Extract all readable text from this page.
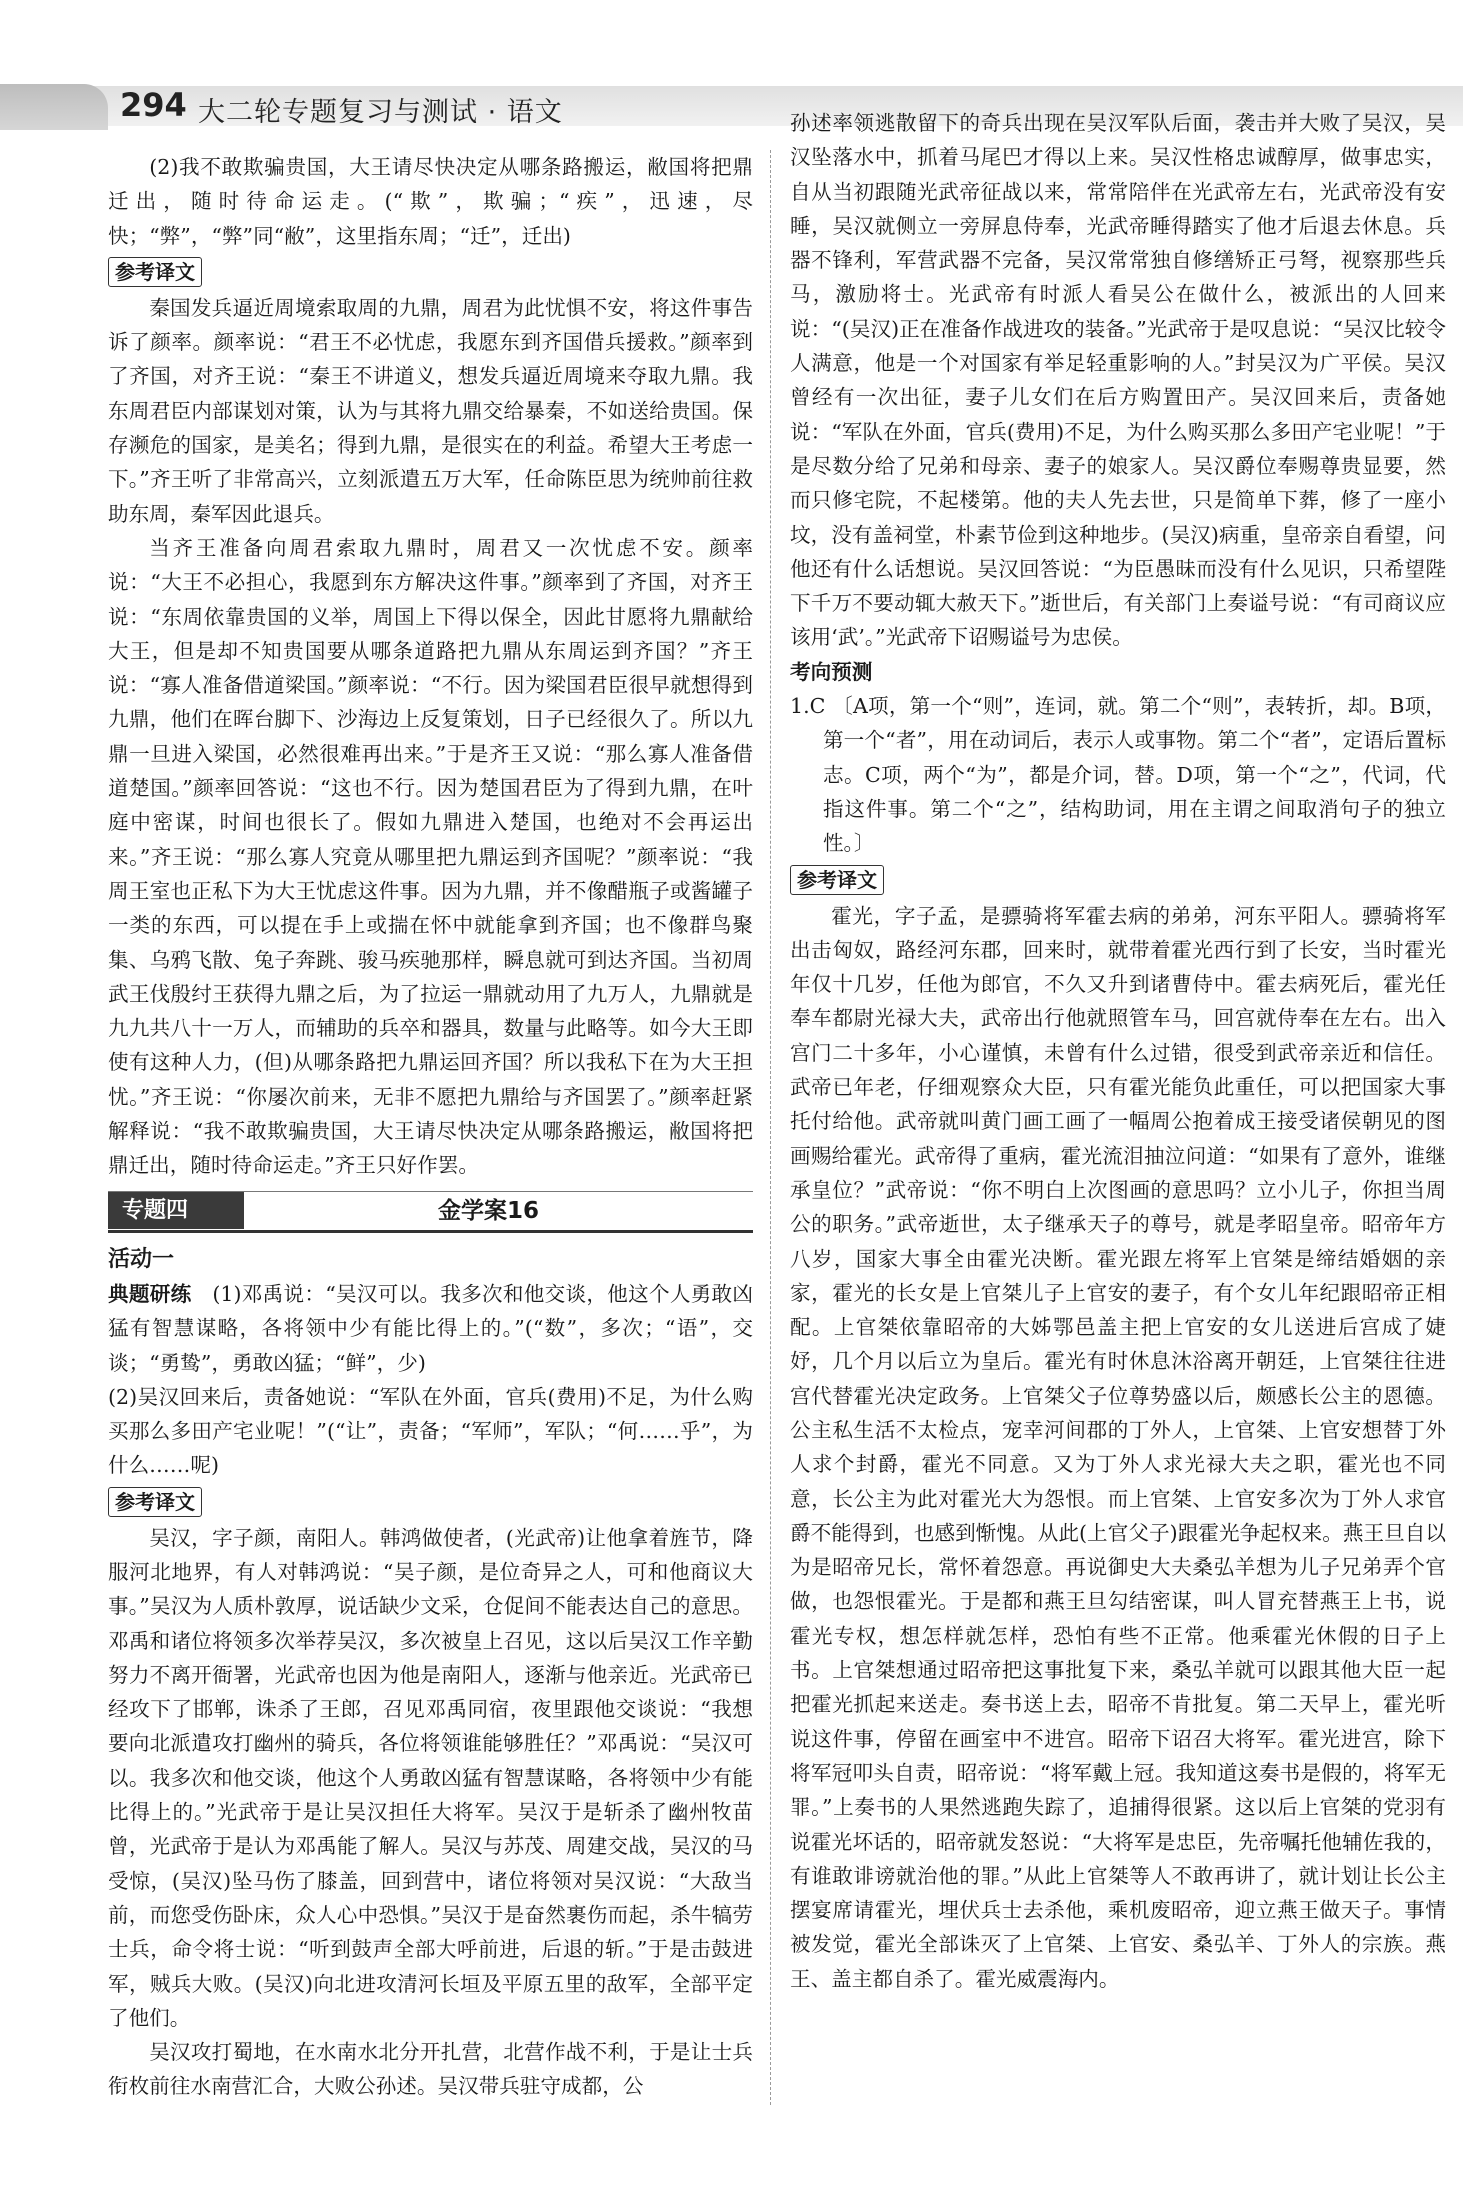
294 大二轮专题复习与测试 · 语文

(2)我不敢欺骗贵国，大王请尽快决定从哪条路搬运，敝国将把鼎迁出，随时待命运走。(“欺”，欺骗；“疾”，迅速，尽快；“弊”，“弊”同“敝”，这里指东周；“迁”，迁出)

参考译文

秦国发兵逼近周境索取周的九鼎，周君为此忧惧不安，将这件事告诉了颜率。颜率说：“君王不必忧虑，我愿东到齐国借兵援救。”颜率到了齐国，对齐王说：“秦王不讲道义，想发兵逼近周境来夺取九鼎。我东周君臣内部谋划对策，认为与其将九鼎交给暴秦，不如送给贵国。保存濒危的国家，是美名；得到九鼎，是很实在的利益。希望大王考虑一下。”齐王听了非常高兴，立刻派遣五万大军，任命陈臣思为统帅前往救助东周，秦军因此退兵。

当齐王准备向周君索取九鼎时，周君又一次忧虑不安。颜率说：“大王不必担心，我愿到东方解决这件事。”颜率到了齐国，对齐王说：“东周依靠贵国的义举，周国上下得以保全，因此甘愿将九鼎献给大王，但是却不知贵国要从哪条道路把九鼎从东周运到齐国？”齐王说：“寡人准备借道梁国。”颜率说：“不行。因为梁国君臣很早就想得到九鼎，他们在晖台脚下、沙海边上反复策划，日子已经很久了。所以九鼎一旦进入梁国，必然很难再出来。”于是齐王又说：“那么寡人准备借道楚国。”颜率回答说：“这也不行。因为楚国君臣为了得到九鼎，在叶庭中密谋，时间也很长了。假如九鼎进入楚国，也绝对不会再运出来。”齐王说：“那么寡人究竟从哪里把九鼎运到齐国呢？”颜率说：“我周王室也正私下为大王忧虑这件事。因为九鼎，并不像醋瓶子或酱罐子一类的东西，可以提在手上或揣在怀中就能拿到齐国；也不像群鸟聚集、乌鸦飞散、兔子奔跳、骏马疾驰那样，瞬息就可到达齐国。当初周武王伐殷纣王获得九鼎之后，为了拉运一鼎就动用了九万人，九鼎就是九九共八十一万人，而辅助的兵卒和器具，数量与此略等。如今大王即使有这种人力，(但)从哪条路把九鼎运回齐国？所以我私下在为大王担忧。”齐王说：“你屡次前来，无非不愿把九鼎给与齐国罢了。”颜率赶紧解释说：“我不敢欺骗贵国，大王请尽快决定从哪条路搬运，敝国将把鼎迁出，随时待命运走。”齐王只好作罢。

专题四	金学案16

活动一

典题研练　 (1)邓禹说：“吴汉可以。我多次和他交谈，他这个人勇敢凶猛有智慧谋略，各将领中少有能比得上的。”(“数”，多次；“语”，交谈；“勇鸷”，勇敢凶猛；“鲜”，少)

(2)吴汉回来后，责备她说：“军队在外面，官兵(费用)不足，为什么购买那么多田产宅业呢！”(“让”，责备；“军师”，军队；“何……乎”，为什么……呢)

参考译文

吴汉，字子颜，南阳人。韩鸿做使者，(光武帝)让他拿着旌节，降服河北地界，有人对韩鸿说：“吴子颜，是位奇异之人，可和他商议大事。”吴汉为人质朴敦厚，说话缺少文采，仓促间不能表达自己的意思。邓禹和诸位将领多次举荐吴汉，多次被皇上召见，这以后吴汉工作辛勤努力不离开衙署，光武帝也因为他是南阳人，逐渐与他亲近。光武帝已经攻下了邯郸，诛杀了王郎，召见邓禹同宿，夜里跟他交谈说：“我想要向北派遣攻打幽州的骑兵，各位将领谁能够胜任？”邓禹说：“吴汉可以。我多次和他交谈，他这个人勇敢凶猛有智慧谋略，各将领中少有能比得上的。”光武帝于是让吴汉担任大将军。吴汉于是斩杀了幽州牧苗曾，光武帝于是认为邓禹能了解人。吴汉与苏茂、周建交战，吴汉的马受惊，(吴汉)坠马伤了膝盖，回到营中，诸位将领对吴汉说：“大敌当前，而您受伤卧床，众人心中恐惧。”吴汉于是奋然裹伤而起，杀牛犒劳士兵，命令将士说：“听到鼓声全部大呼前进，后退的斩。”于是击鼓进军，贼兵大败。(吴汉)向北进攻清河长垣及平原五里的敌军，全部平定了他们。

吴汉攻打蜀地，在水南水北分开扎营，北营作战不利，于是让士兵衔枚前往水南营汇合，大败公孙述。吴汉带兵驻守成都，公

孙述率领逃散留下的奇兵出现在吴汉军队后面，袭击并大败了吴汉，吴汉坠落水中，抓着马尾巴才得以上来。吴汉性格忠诚醇厚，做事忠实，自从当初跟随光武帝征战以来，常常陪伴在光武帝左右，光武帝没有安睡，吴汉就侧立一旁屏息侍奉，光武帝睡得踏实了他才后退去休息。兵器不锋利，军营武器不完备，吴汉常常独自修缮矫正弓弩，视察那些兵马，激励将士。光武帝有时派人看吴公在做什么，被派出的人回来说：“(吴汉)正在准备作战进攻的装备。”光武帝于是叹息说：“吴汉比较令人满意，他是一个对国家有举足轻重影响的人。”封吴汉为广平侯。吴汉曾经有一次出征，妻子儿女们在后方购置田产。吴汉回来后，责备她说：“军队在外面，官兵(费用)不足，为什么购买那么多田产宅业呢！”于是尽数分给了兄弟和母亲、妻子的娘家人。吴汉爵位奉赐尊贵显要，然而只修宅院，不起楼第。他的夫人先去世，只是简单下葬，修了一座小坟，没有盖祠堂，朴素节俭到这种地步。(吴汉)病重，皇帝亲自看望，问他还有什么话想说。吴汉回答说：“为臣愚昧而没有什么见识，只希望陛下千万不要动辄大赦天下。”逝世后，有关部门上奏谥号说：“有司商议应该用‘武’。”光武帝下诏赐谥号为忠侯。

考向预测

1.C 〔A项，第一个“则”，连词，就。第二个“则”，表转折，却。B项，第一个“者”，用在动词后，表示人或事物。第二个“者”，定语后置标志。C项，两个“为”，都是介词，替。D项，第一个“之”，代词，代指这件事。第二个“之”，结构助词，用在主谓之间取消句子的独立性。〕

参考译文

霍光，字子孟，是骠骑将军霍去病的弟弟，河东平阳人。骠骑将军出击匈奴，路经河东郡，回来时，就带着霍光西行到了长安，当时霍光年仅十几岁，任他为郎官，不久又升到诸曹侍中。霍去病死后，霍光任奉车都尉光禄大夫，武帝出行他就照管车马，回宫就侍奉在左右。出入宫门二十多年，小心谨慎，未曾有什么过错，很受到武帝亲近和信任。武帝已年老，仔细观察众大臣，只有霍光能负此重任，可以把国家大事托付给他。武帝就叫黄门画工画了一幅周公抱着成王接受诸侯朝见的图画赐给霍光。武帝得了重病，霍光流泪抽泣问道：“如果有了意外，谁继承皇位？”武帝说：“你不明白上次图画的意思吗？立小儿子，你担当周公的职务。”武帝逝世，太子继承天子的尊号，就是孝昭皇帝。昭帝年方八岁，国家大事全由霍光决断。霍光跟左将军上官桀是缔结婚姻的亲家，霍光的长女是上官桀儿子上官安的妻子，有个女儿年纪跟昭帝正相配。上官桀依靠昭帝的大姊鄂邑盖主把上官安的女儿送进后宫成了婕妤，几个月以后立为皇后。霍光有时休息沐浴离开朝廷，上官桀往往进宫代替霍光决定政务。上官桀父子位尊势盛以后，颇感长公主的恩德。公主私生活不太检点，宠幸河间郡的丁外人，上官桀、上官安想替丁外人求个封爵，霍光不同意。又为丁外人求光禄大夫之职，霍光也不同意，长公主为此对霍光大为怨恨。而上官桀、上官安多次为丁外人求官爵不能得到，也感到惭愧。从此(上官父子)跟霍光争起权来。燕王旦自以为是昭帝兄长，常怀着怨意。再说御史大夫桑弘羊想为儿子兄弟弄个官做，也怨恨霍光。于是都和燕王旦勾结密谋，叫人冒充替燕王上书，说霍光专权，想怎样就怎样，恐怕有些不正常。他乘霍光休假的日子上书。上官桀想通过昭帝把这事批复下来，桑弘羊就可以跟其他大臣一起把霍光抓起来送走。奏书送上去，昭帝不肯批复。第二天早上，霍光听说这件事，停留在画室中不进宫。昭帝下诏召大将军。霍光进宫，除下将军冠叩头自责，昭帝说：“将军戴上冠。我知道这奏书是假的，将军无罪。”上奏书的人果然逃跑失踪了，追捕得很紧。这以后上官桀的党羽有说霍光坏话的，昭帝就发怒说：“大将军是忠臣，先帝嘱托他辅佐我的，有谁敢诽谤就治他的罪。”从此上官桀等人不敢再讲了，就计划让长公主摆宴席请霍光，埋伏兵士去杀他，乘机废昭帝，迎立燕王做天子。事情被发觉，霍光全部诛灭了上官桀、上官安、桑弘羊、丁外人的宗族。燕王、盖主都自杀了。霍光威震海内。
